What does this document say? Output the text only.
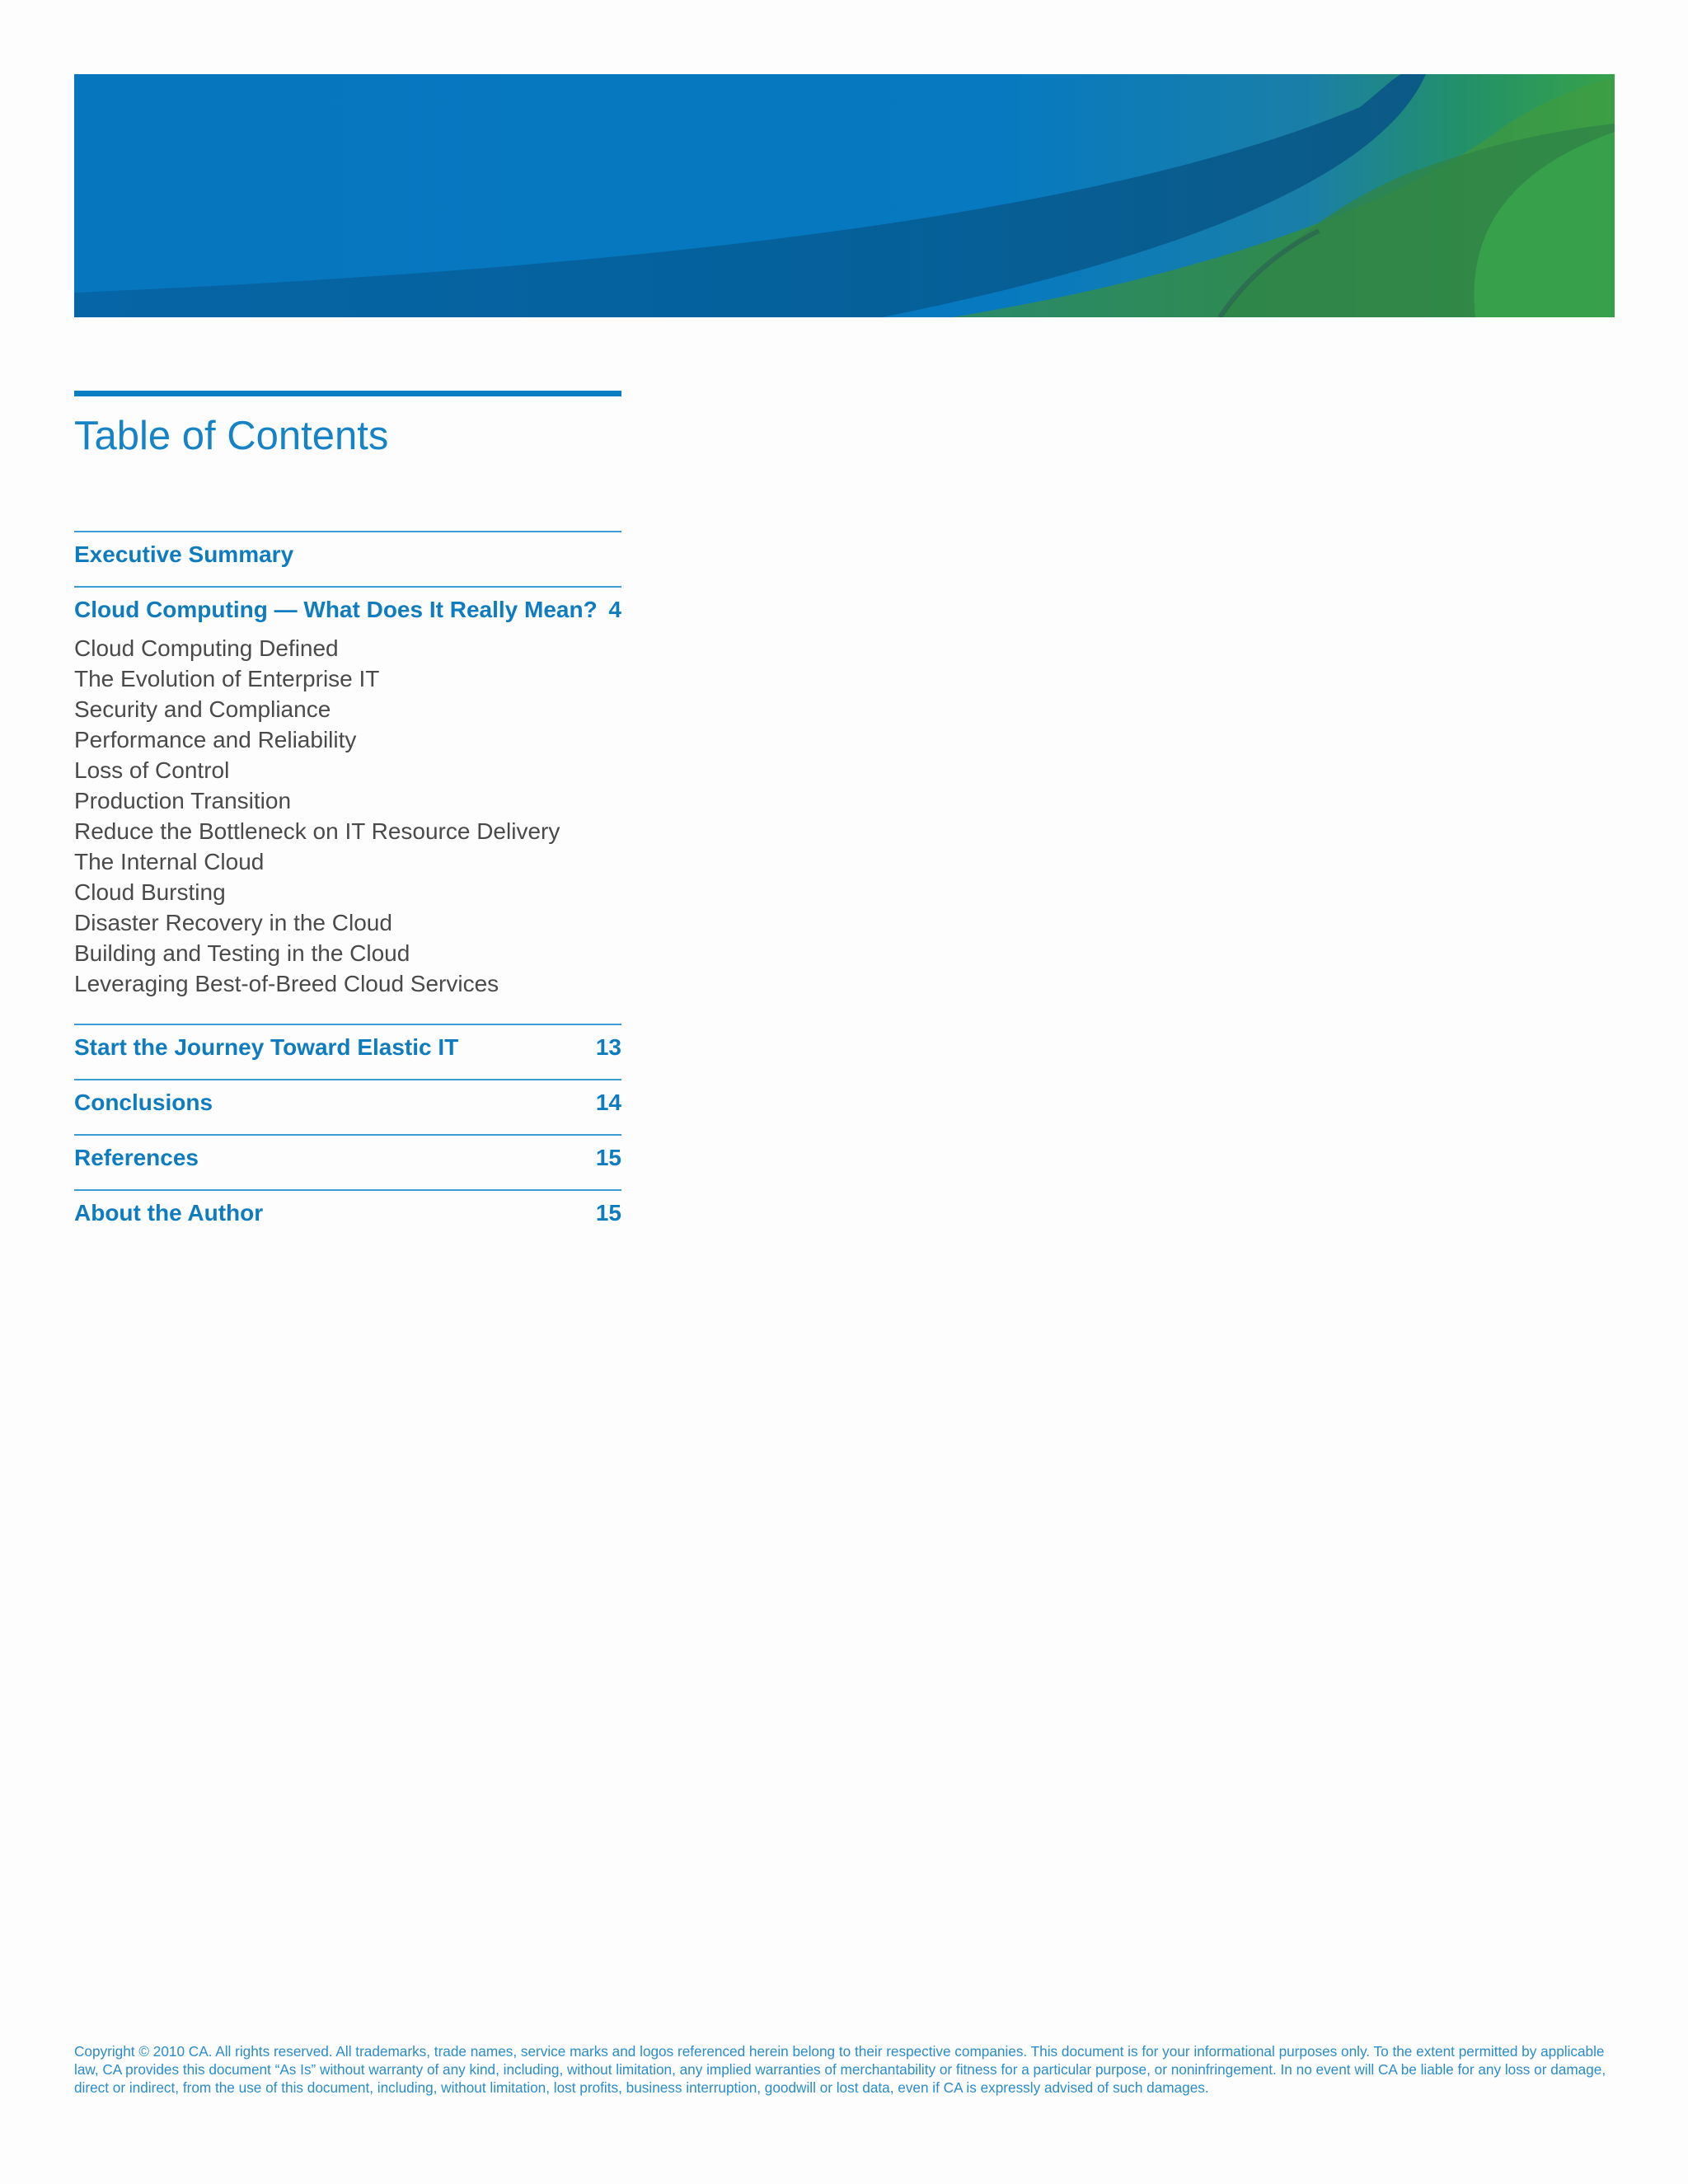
Table of Contents
Executive Summary
Cloud Computing — What Does It Really Mean? 4
Cloud Computing Defined
The Evolution of Enterprise IT
Security and Compliance
Performance and Reliability
Loss of Control
Production Transition
Reduce the Bottleneck on IT Resource Delivery
The Internal Cloud
Cloud Bursting
Disaster Recovery in the Cloud
Building and Testing in the Cloud
Leveraging Best-of-Breed Cloud Services
Start the Journey Toward Elastic IT	13
Conclusions	14
References	15
About the Author	15
Copyright © 2010 CA. All rights reserved. All trademarks, trade names, service marks and logos referenced herein belong to their respective companies. This document is for your informational purposes only. To the extent permitted by applicable law, CA provides this document “As Is” without warranty of any kind, including, without limitation, any implied warranties of merchantability or fitness for a particular purpose, or noninfringement. In no event will CA be liable for any loss or damage, direct or indirect, from the use of this document, including, without limitation, lost profits, business interruption, goodwill or lost data, even if CA is expressly advised of such damages.
